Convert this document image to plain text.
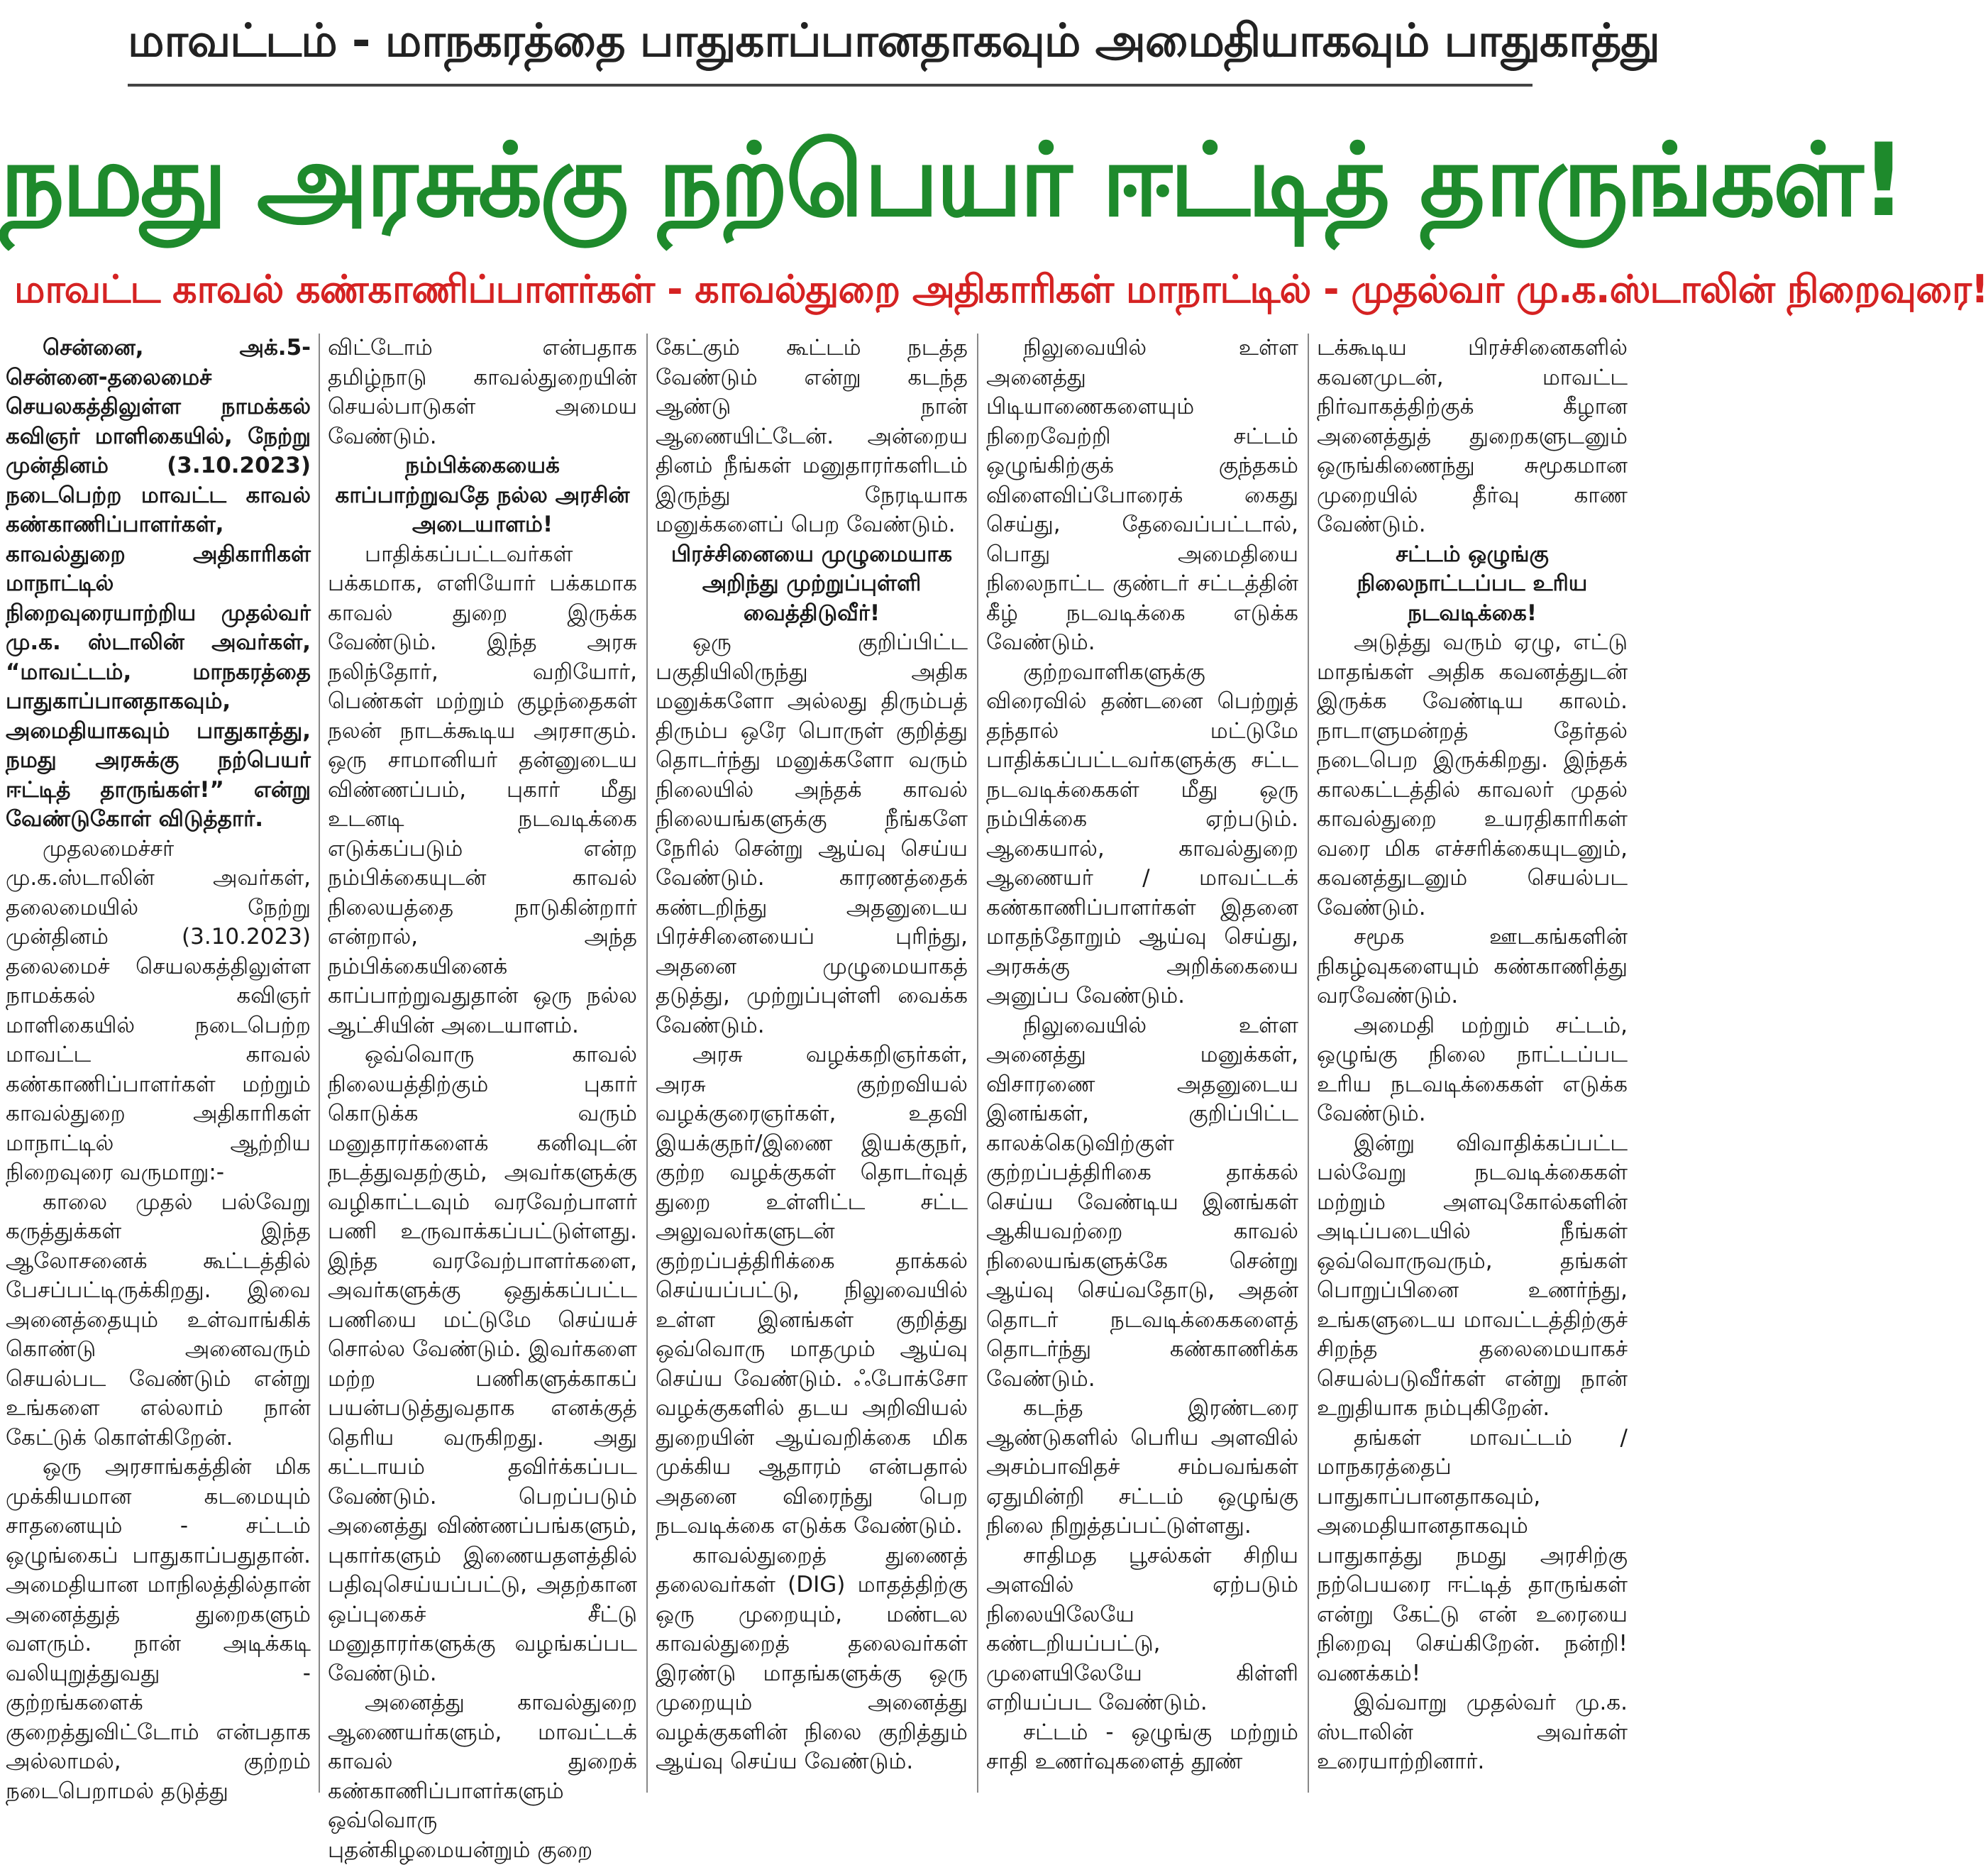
மாவட்டம் - மாநகரத்தை பாதுகாப்பானதாகவும் அமைதியாகவும் பாதுகாத்து
நமது அரசுக்கு நற்பெயர் ஈட்டித் தாருங்கள்!
மாவட்ட காவல் கண்காணிப்பாளர்கள் - காவல்துறை அதிகாரிகள் மாநாட்டில் - முதல்வர் மு.க.ஸ்டாலின் நிறைவுரை!

சென்னை, அக்.5- சென்னை-தலைமைச் செயலகத்திலுள்ள நாமக்கல் கவிஞர் மாளிகையில், நேற்று முன்தினம் (3.10.2023) நடைபெற்ற மாவட்ட காவல் கண்காணிப்பாளர்கள், காவல்துறை அதிகாரிகள் மாநாட்டில் நிறைவுரையாற்றிய முதல்வர் மு.க. ஸ்டாலின் அவர்கள், “மாவட்டம், மாநகரத்தை பாதுகாப்பானதாகவும், அமைதியாகவும் பாதுகாத்து, நமது அரசுக்கு நற்பெயர் ஈட்டித் தாருங்கள்!” என்று வேண்டுகோள் விடுத்தார்.

முதலமைச்சர் மு.க.ஸ்டாலின் அவர்கள், தலைமையில் நேற்று முன்தினம் (3.10.2023) தலைமைச் செயலகத்திலுள்ள நாமக்கல் கவிஞர் மாளிகையில் நடைபெற்ற மாவட்ட காவல் கண்காணிப்பாளர்கள் மற்றும் காவல்துறை அதிகாரிகள் மாநாட்டில் ஆற்றிய நிறைவுரை வருமாறு:-

காலை முதல் பல்வேறு கருத்துக்கள் இந்த ஆலோசனைக் கூட்டத்தில் பேசப்பட்டிருக்கிறது. இவை அனைத்தையும் உள்வாங்கிக் கொண்டு அனைவரும் செயல்பட வேண்டும் என்று உங்களை எல்லாம் நான் கேட்டுக் கொள்கிறேன்.

ஒரு அரசாங்கத்தின் மிக முக்கியமான கடமையும் சாதனையும் - சட்டம் ஒழுங்கைப் பாதுகாப்பதுதான். அமைதியான மாநிலத்தில்தான் அனைத்துத் துறைகளும் வளரும். நான் அடிக்கடி வலியுறுத்துவது - குற்றங்களைக் குறைத்துவிட்டோம் என்பதாக அல்லாமல், குற்றம் நடைபெறாமல் தடுத்து

விட்டோம் என்பதாக தமிழ்நாடு காவல்துறையின் செயல்பாடுகள் அமைய வேண்டும்.

நம்பிக்கையைக் காப்பாற்றுவதே நல்ல அரசின் அடையாளம்!

பாதிக்கப்பட்டவர்கள் பக்கமாக, எளியோர் பக்கமாக காவல் துறை இருக்க வேண்டும். இந்த அரசு நலிந்தோர், வறியோர், பெண்கள் மற்றும் குழந்தைகள் நலன் நாடக்கூடிய அரசாகும். ஒரு சாமானியர் தன்னுடைய விண்ணப்பம், புகார் மீது உடனடி நடவடிக்கை எடுக்கப்படும் என்ற நம்பிக்கையுடன் காவல் நிலையத்தை நாடுகின்றார் என்றால், அந்த நம்பிக்கையினைக் காப்பாற்றுவதுதான் ஒரு நல்ல ஆட்சியின் அடையாளம்.

ஒவ்வொரு காவல் நிலையத்திற்கும் புகார் கொடுக்க வரும் மனுதாரர்களைக் கனிவுடன் நடத்துவதற்கும், அவர்களுக்கு வழிகாட்டவும் வரவேற்பாளர் பணி உருவாக்கப்பட்டுள்ளது. இந்த வரவேற்பாளர்களை, அவர்களுக்கு ஒதுக்கப்பட்ட பணியை மட்டுமே செய்யச் சொல்ல வேண்டும். இவர்களை மற்ற பணிகளுக்காகப் பயன்படுத்துவதாக எனக்குத் தெரிய வருகிறது. அது கட்டாயம் தவிர்க்கப்பட வேண்டும். பெறப்படும் அனைத்து விண்ணப்பங்களும், புகார்களும் இணையதளத்தில் பதிவுசெய்யப்பட்டு, அதற்கான ஒப்புகைச் சீட்டு மனுதாரர்களுக்கு வழங்கப்பட வேண்டும்.

அனைத்து காவல்துறை ஆணையர்களும், மாவட்டக் காவல் துறைக் கண்காணிப்பாளர்களும் ஒவ்வொரு புதன்கிழமையன்றும் குறை

கேட்கும் கூட்டம் நடத்த வேண்டும் என்று கடந்த ஆண்டு நான் ஆணையிட்டேன். அன்றைய தினம் நீங்கள் மனுதாரர்களிடம் இருந்து நேரடியாக மனுக்களைப் பெற வேண்டும்.

பிரச்சினையை முழுமையாக அறிந்து முற்றுப்புள்ளி வைத்திடுவீர்!

ஒரு குறிப்பிட்ட பகுதியிலிருந்து அதிக மனுக்களோ அல்லது திரும்பத் திரும்ப ஒரே பொருள் குறித்து தொடர்ந்து மனுக்களோ வரும் நிலையில் அந்தக் காவல் நிலையங்களுக்கு நீங்களே நேரில் சென்று ஆய்வு செய்ய வேண்டும். காரணத்தைக் கண்டறிந்து அதனுடைய பிரச்சினையைப் புரிந்து, அதனை முழுமையாகத் தடுத்து, முற்றுப்புள்ளி வைக்க வேண்டும்.

அரசு வழக்கறிஞர்கள், அரசு குற்றவியல் வழக்குரைஞர்கள், உதவி இயக்குநர்/இணை இயக்குநர், குற்ற வழக்குகள் தொடர்வுத் துறை உள்ளிட்ட சட்ட அலுவலர்களுடன் குற்றப்பத்திரிக்கை தாக்கல் செய்யப்பட்டு, நிலுவையில் உள்ள இனங்கள் குறித்து ஒவ்வொரு மாதமும் ஆய்வு செய்ய வேண்டும். ஃபோக்சோ வழக்குகளில் தடய அறிவியல் துறையின் ஆய்வறிக்கை மிக முக்கிய ஆதாரம் என்பதால் அதனை விரைந்து பெற நடவடிக்கை எடுக்க வேண்டும்.

காவல்துறைத் துணைத் தலைவர்கள் (DIG) மாதத்திற்கு ஒரு முறையும், மண்டல காவல்துறைத் தலைவர்கள் இரண்டு மாதங்களுக்கு ஒரு முறையும் அனைத்து வழக்குகளின் நிலை குறித்தும் ஆய்வு செய்ய வேண்டும்.

நிலுவையில் உள்ள அனைத்து பிடியாணைகளையும் நிறைவேற்றி சட்டம் ஒழுங்கிற்குக் குந்தகம் விளைவிப்போரைக் கைது செய்து, தேவைப்பட்டால், பொது அமைதியை நிலைநாட்ட குண்டர் சட்டத்தின் கீழ் நடவடிக்கை எடுக்க வேண்டும்.

குற்றவாளிகளுக்கு விரைவில் தண்டனை பெற்றுத் தந்தால் மட்டுமே பாதிக்கப்பட்டவர்களுக்கு சட்ட நடவடிக்கைகள் மீது ஒரு நம்பிக்கை ஏற்படும். ஆகையால், காவல்துறை ஆணையர் / மாவட்டக் கண்காணிப்பாளர்கள் இதனை மாதந்தோறும் ஆய்வு செய்து, அரசுக்கு அறிக்கையை அனுப்ப வேண்டும்.

நிலுவையில் உள்ள அனைத்து மனுக்கள், விசாரணை அதனுடைய இனங்கள், குறிப்பிட்ட காலக்கெடுவிற்குள் குற்றப்பத்திரிகை தாக்கல் செய்ய வேண்டிய இனங்கள் ஆகியவற்றை காவல் நிலையங்களுக்கே சென்று ஆய்வு செய்வதோடு, அதன் தொடர் நடவடிக்கைகளைத் தொடர்ந்து கண்காணிக்க வேண்டும்.

கடந்த இரண்டரை ஆண்டுகளில் பெரிய அளவில் அசம்பாவிதச் சம்பவங்கள் ஏதுமின்றி சட்டம் ஒழுங்கு நிலை நிறுத்தப்பட்டுள்ளது.

சாதிமத பூசல்கள் சிறிய அளவில் ஏற்படும் நிலையிலேயே கண்டறியப்பட்டு, முளையிலேயே கிள்ளி எறியப்பட வேண்டும்.

சட்டம் - ஒழுங்கு மற்றும் சாதி உணர்வுகளைத் தூண்

டக்கூடிய பிரச்சினைகளில் கவனமுடன், மாவட்ட நிர்வாகத்திற்குக் கீழான அனைத்துத் துறைகளுடனும் ஒருங்கிணைந்து சுமூகமான முறையில் தீர்வு காண வேண்டும்.

சட்டம் ஒழுங்கு நிலைநாட்டப்பட உரிய நடவடிக்கை!

அடுத்து வரும் ஏழு, எட்டு மாதங்கள் அதிக கவனத்துடன் இருக்க வேண்டிய காலம். நாடாளுமன்றத் தேர்தல் நடைபெற இருக்கிறது. இந்தக் காலகட்டத்தில் காவலர் முதல் காவல்துறை உயரதிகாரிகள் வரை மிக எச்சரிக்கையுடனும், கவனத்துடனும் செயல்பட வேண்டும்.

சமூக ஊடகங்களின் நிகழ்வுகளையும் கண்காணித்து வரவேண்டும்.

அமைதி மற்றும் சட்டம், ஒழுங்கு நிலை நாட்டப்பட உரிய நடவடிக்கைகள் எடுக்க வேண்டும்.

இன்று விவாதிக்கப்பட்ட பல்வேறு நடவடிக்கைகள் மற்றும் அளவுகோல்களின் அடிப்படையில் நீங்கள் ஒவ்வொருவரும், தங்கள் பொறுப்பினை உணர்ந்து, உங்களுடைய மாவட்டத்திற்குச் சிறந்த தலைமையாகச் செயல்படுவீர்கள் என்று நான் உறுதியாக நம்புகிறேன்.

தங்கள் மாவட்டம் / மாநகரத்தைப் பாதுகாப்பானதாகவும், அமைதியானதாகவும் பாதுகாத்து நமது அரசிற்கு நற்பெயரை ஈட்டித் தாருங்கள் என்று கேட்டு என் உரையை நிறைவு செய்கிறேன். நன்றி! வணக்கம்!

இவ்வாறு முதல்வர் மு.க. ஸ்டாலின் அவர்கள் உரையாற்றினார்.
